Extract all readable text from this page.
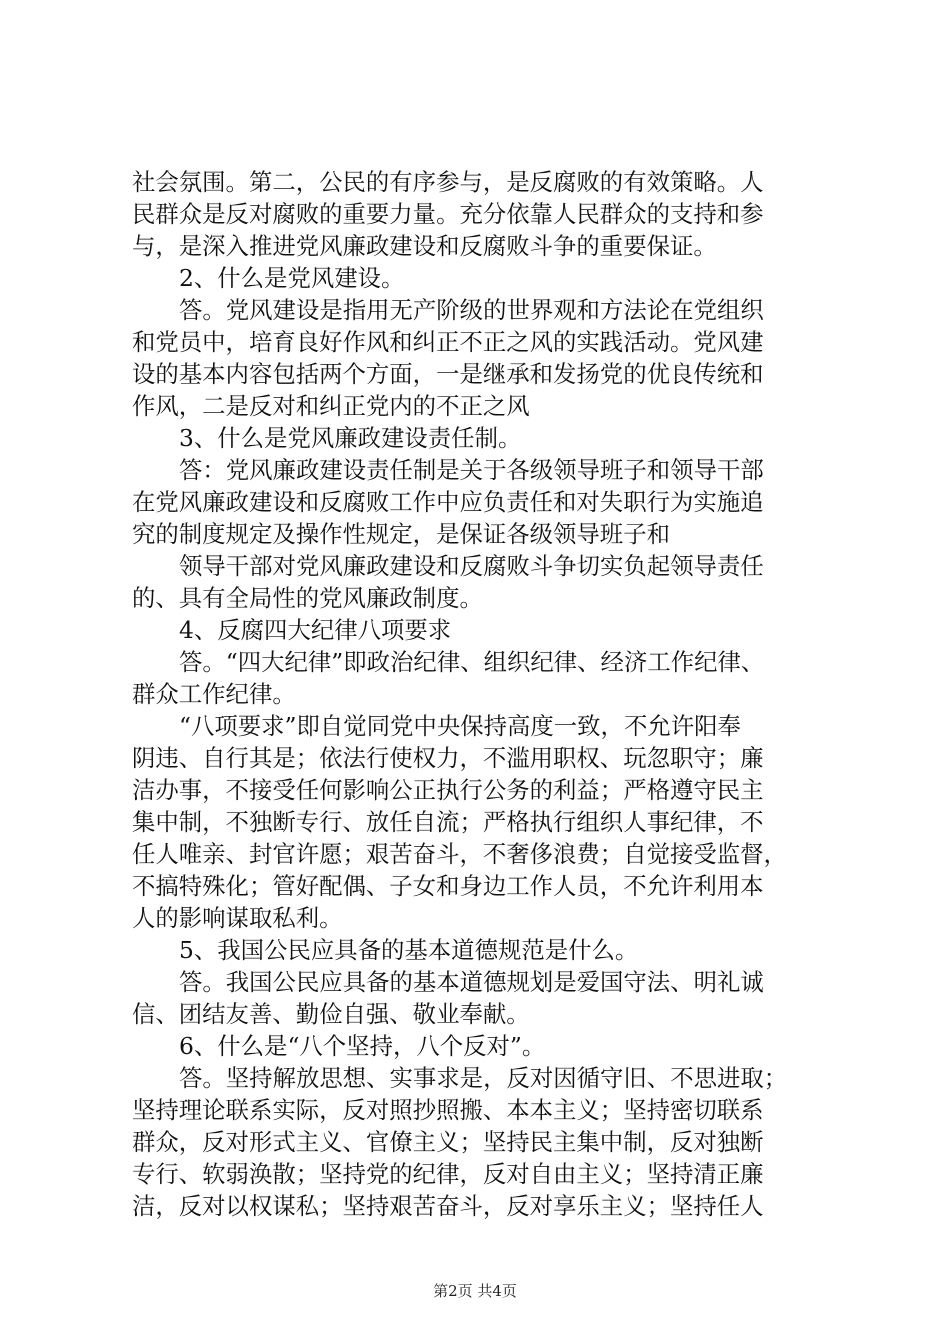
社会氛围。第二，公民的有序参与，是反腐败的有效策略。人
民群众是反对腐败的重要力量。充分依靠人民群众的支持和参
与，是深入推进党风廉政建设和反腐败斗争的重要保证。
2、什么是党风建设。
答。党风建设是指用无产阶级的世界观和方法论在党组织
和党员中，培育良好作风和纠正不正之风的实践活动。党风建
设的基本内容包括两个方面，一是继承和发扬党的优良传统和
作风，二是反对和纠正党内的不正之风
3、什么是党风廉政建设责任制。
答：党风廉政建设责任制是关于各级领导班子和领导干部
在党风廉政建设和反腐败工作中应负责任和对失职行为实施追
究的制度规定及操作性规定，是保证各级领导班子和
领导干部对党风廉政建设和反腐败斗争切实负起领导责任
的、具有全局性的党风廉政制度。
4、反腐四大纪律八项要求
答。“四大纪律”即政治纪律、组织纪律、经济工作纪律、
群众工作纪律。
“八项要求”即自觉同党中央保持高度一致，不允许阳奉
阴违、自行其是；依法行使权力，不滥用职权、玩忽职守；廉
洁办事，不接受任何影响公正执行公务的利益；严格遵守民主
集中制，不独断专行、放任自流；严格执行组织人事纪律，不
任人唯亲、封官许愿；艰苦奋斗，不奢侈浪费；自觉接受监督，
不搞特殊化；管好配偶、子女和身边工作人员，不允许利用本
人的影响谋取私利。
5、我国公民应具备的基本道德规范是什么。
答。我国公民应具备的基本道德规划是爱国守法、明礼诚
信、团结友善、勤俭自强、敬业奉献。
6、什么是“八个坚持，八个反对”。
答。坚持解放思想、实事求是，反对因循守旧、不思进取；
坚持理论联系实际，反对照抄照搬、本本主义；坚持密切联系
群众，反对形式主义、官僚主义；坚持民主集中制，反对独断
专行、软弱涣散；坚持党的纪律，反对自由主义；坚持清正廉
洁，反对以权谋私；坚持艰苦奋斗，反对享乐主义；坚持任人
第2页 共4页
